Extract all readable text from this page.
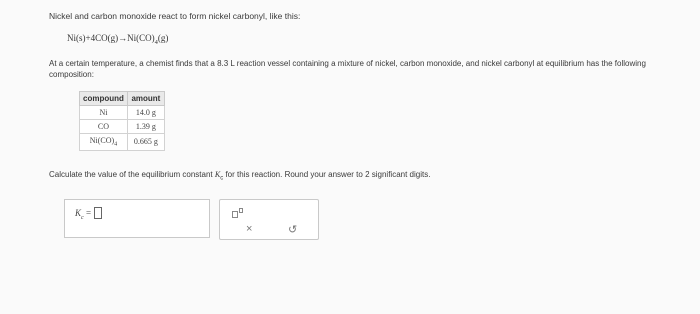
Nickel and carbon monoxide react to form nickel carbonyl, like this:
$Ni(s)+4CO(g)\to Ni(CO)_4(g)$
At a certain temperature, a chemist finds that a 8.3 L reaction vessel containing a mixture of nickel, carbon monoxide, and nickel carbonyl at equilibrium has the following composition:
compound	amount
Ni	14.0 g
CO	1.39 g
$Ni(CO)_4$	0.665 g
Calculate the value of the equilibrium constant $K_c$ for this reaction. Round your answer to 2 significant digits.
$K_c$ =
×	↺
